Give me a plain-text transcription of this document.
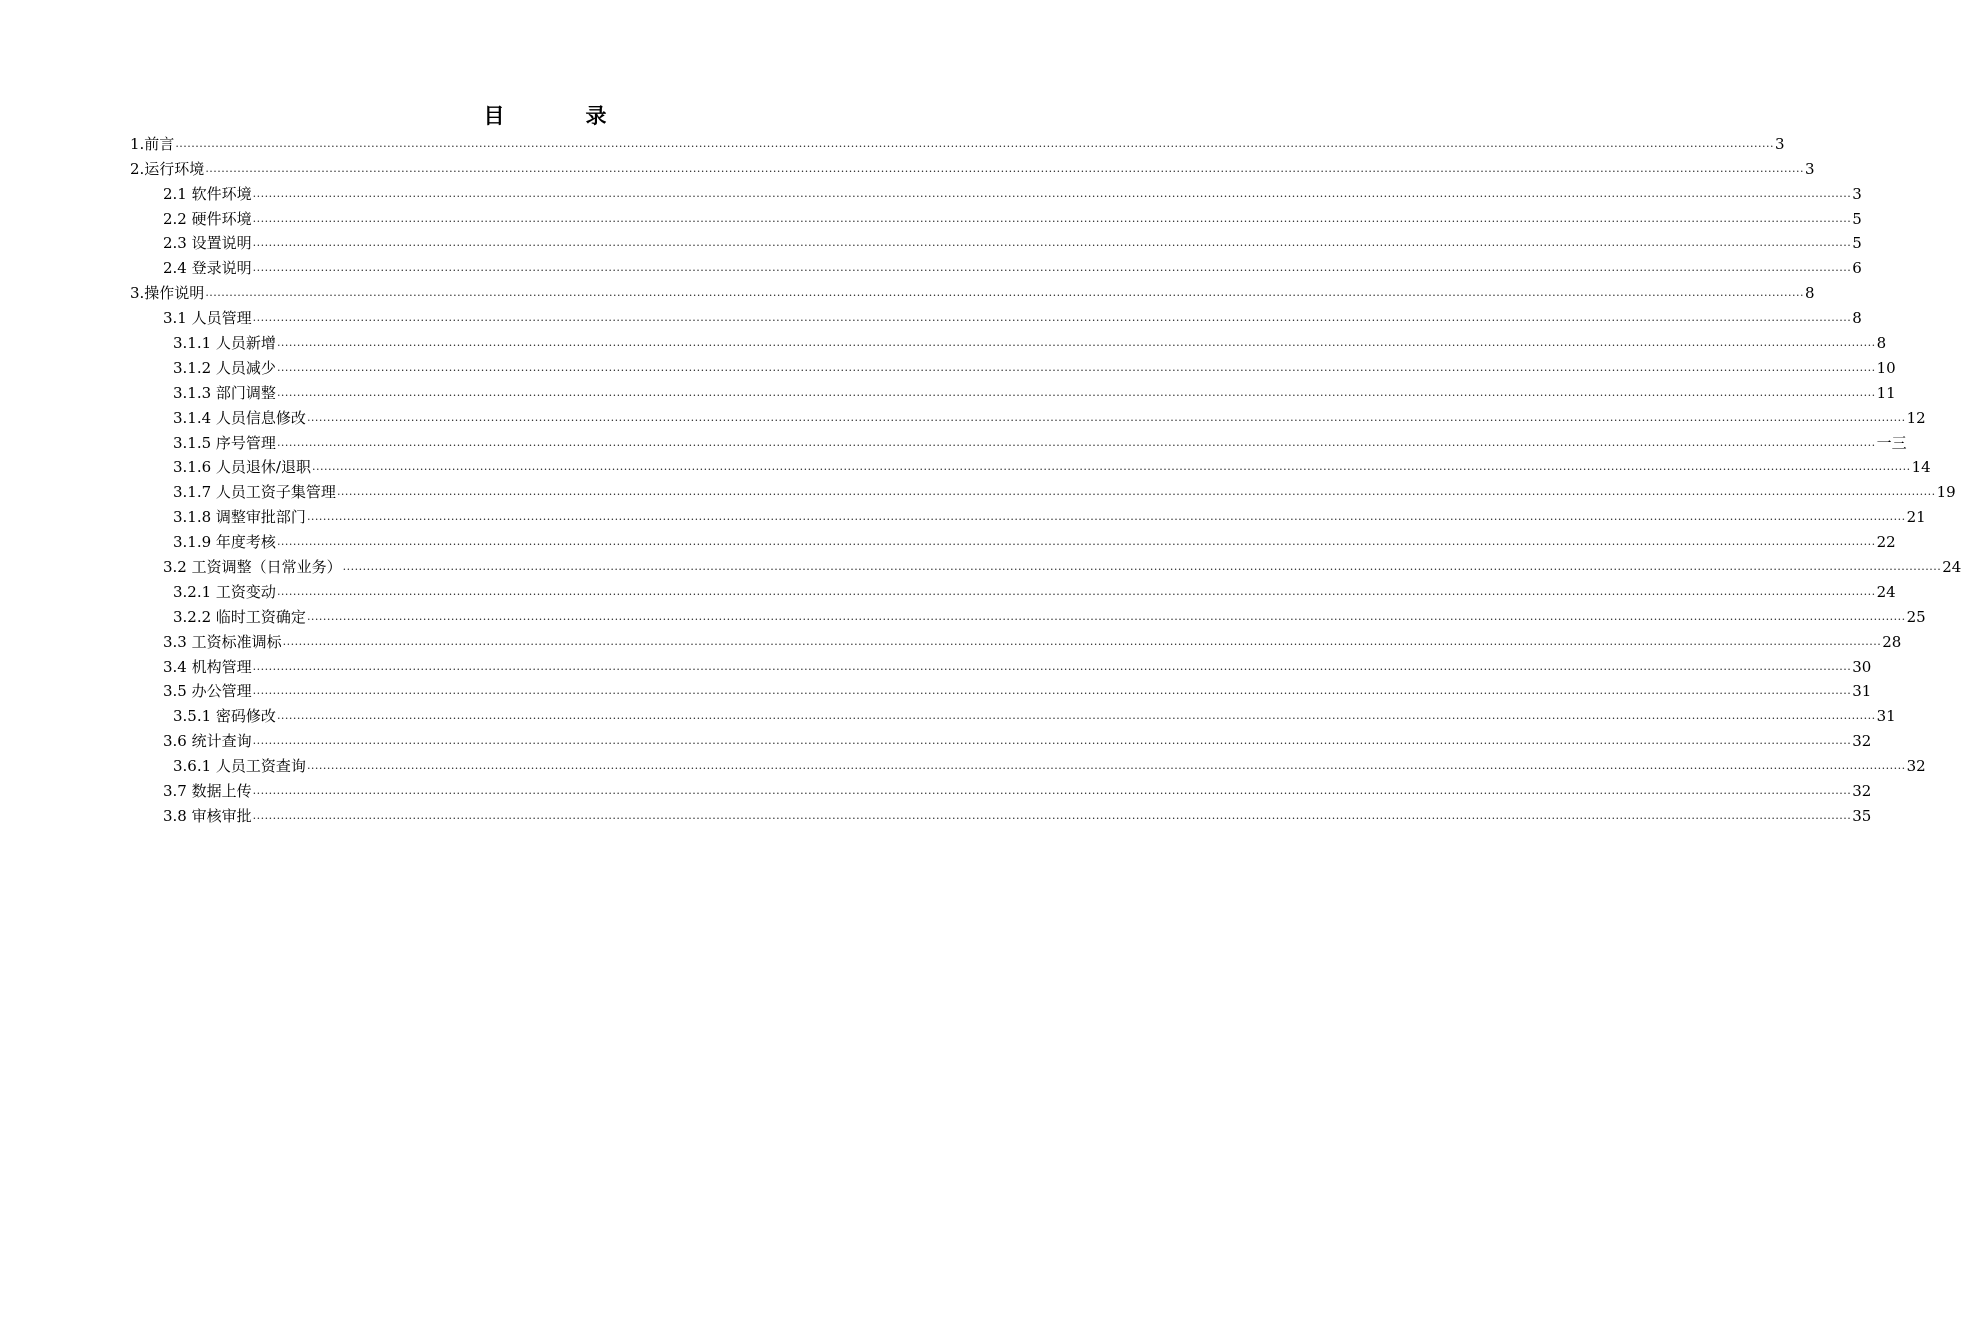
目　录
1.前言 ................................................................................................................................................................................................................................................................................................................................................................................................................ 3
2.运行环境 ................................................................................................................................................................................................................................................................................................................................................................................................................ 3
2.1 软件环境 ................................................................................................................................................................................................................................................................................................................................................................................................................ 3
2.2 硬件环境 ................................................................................................................................................................................................................................................................................................................................................................................................................ 5
2.3 设置说明 ................................................................................................................................................................................................................................................................................................................................................................................................................ 5
2.4 登录说明 ................................................................................................................................................................................................................................................................................................................................................................................................................ 6
3.操作说明 ................................................................................................................................................................................................................................................................................................................................................................................................................ 8
3.1 人员管理 ................................................................................................................................................................................................................................................................................................................................................................................................................ 8
3.1.1 人员新增 ................................................................................................................................................................................................................................................................................................................................................................................................................ 8
3.1.2 人员减少 ................................................................................................................................................................................................................................................................................................................................................................................................................ 10
3.1.3 部门调整 ................................................................................................................................................................................................................................................................................................................................................................................................................ 11
3.1.4 人员信息修改 ................................................................................................................................................................................................................................................................................................................................................................................................................ 12
3.1.5 序号管理 ................................................................................................................................................................................................................................................................................................................................................................................................................ 一三
3.1.6 人员退休/退职 ................................................................................................................................................................................................................................................................................................................................................................................................................ 14
3.1.7 人员工资子集管理 ................................................................................................................................................................................................................................................................................................................................................................................................................ 19
3.1.8 调整审批部门 ................................................................................................................................................................................................................................................................................................................................................................................................................ 21
3.1.9 年度考核 ................................................................................................................................................................................................................................................................................................................................................................................................................ 22
3.2 工资调整（日常业务） ................................................................................................................................................................................................................................................................................................................................................................................................................ 24
3.2.1 工资变动 ................................................................................................................................................................................................................................................................................................................................................................................................................ 24
3.2.2 临时工资确定 ................................................................................................................................................................................................................................................................................................................................................................................................................ 25
3.3 工资标准调标 ................................................................................................................................................................................................................................................................................................................................................................................................................ 28
3.4 机构管理 ................................................................................................................................................................................................................................................................................................................................................................................................................ 30
3.5 办公管理 ................................................................................................................................................................................................................................................................................................................................................................................................................ 31
3.5.1 密码修改 ................................................................................................................................................................................................................................................................................................................................................................................................................ 31
3.6 统计查询 ................................................................................................................................................................................................................................................................................................................................................................................................................ 32
3.6.1 人员工资查询 ................................................................................................................................................................................................................................................................................................................................................................................................................ 32
3.7 数据上传 ................................................................................................................................................................................................................................................................................................................................................................................................................ 32
3.8 审核审批 ................................................................................................................................................................................................................................................................................................................................................................................................................ 35
